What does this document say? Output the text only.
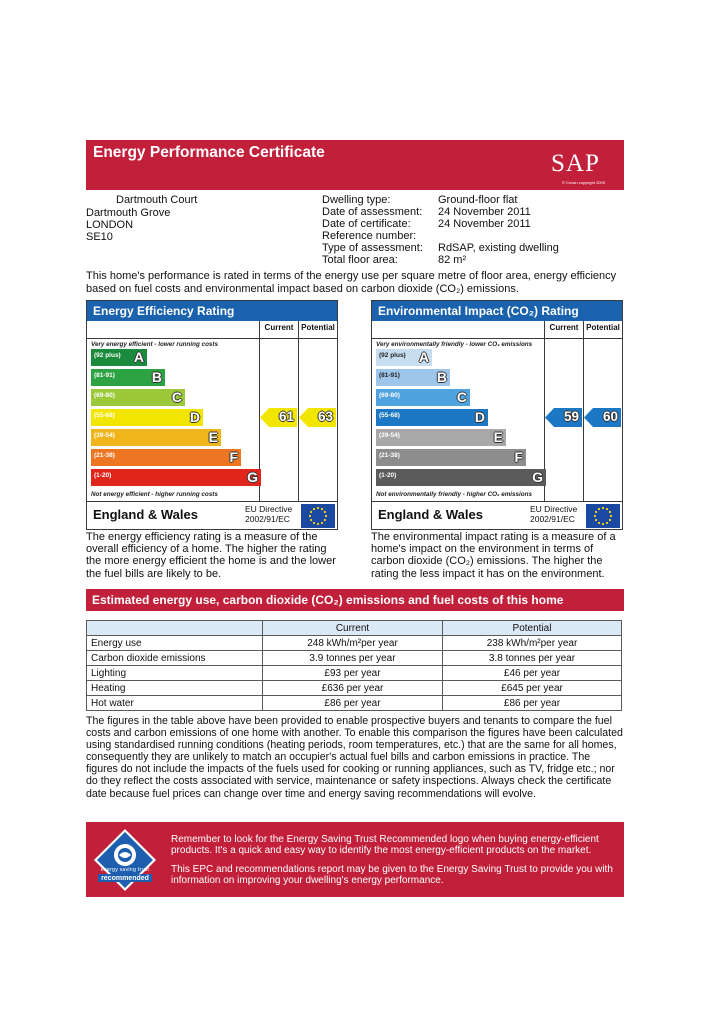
Energy Performance Certificate	SAP
© Crown copyright 2009
Dartmouth Court
Dartmouth Grove
LONDON
SE10
Dwelling type:	Ground-floor flat
Date of assessment: 24 November 2011
Date of certificate: 24 November 2011
Reference number:
Type of assessment: RdSAP, existing dwelling
Total floor area:	82 m²
This home's performance is rated in terms of the energy use per square metre of floor area, energy efficiency based on fuel costs and environmental impact based on carbon dioxide (CO₂) emissions.
Energy Efficiency Rating
Current Potential
Very energy efficient - lower running costs
(92 plus) A
(81-91)	B
(69-80)	C
(55-68)	D
(39-54)	E
(21-38)	F
(1-20)	G
Not energy efficient - higher running costs
61 63
England & Wales	EU Directive
2002/91/EC
Environmental Impact (CO₂) Rating
Current Potential
Very environmentally friendly - lower CO₂ emissions
(92 plus) A
(81-91)	B
(69-80)	C
(55-68)	D
(39-54)	E
(21-38)	F
(1-20)	G
Not environmentally friendly - higher CO₂ emissions
59 60
England & Wales	EU Directive
2002/91/EC
The energy efficiency rating is a measure of the overall efficiency of a home. The higher the rating the more energy efficient the home is and the lower the fuel bills are likely to be.
The environmental impact rating is a measure of a home's impact on the environment in terms of carbon dioxide (CO₂) emissions. The higher the rating the less impact it has on the environment.
Estimated energy use, carbon dioxide (CO₂) emissions and fuel costs of this home
	Current	Potential
Energy use	248 kWh/m²per year	238 kWh/m²per year
Carbon dioxide emissions	3.9 tonnes per year	3.8 tonnes per year
Lighting	£93 per year	£46 per year
Heating	£636 per year	£645 per year
Hot water	£86 per year	£86 per year
The figures in the table above have been provided to enable prospective buyers and tenants to compare the fuel costs and carbon emissions of one home with another. To enable this comparison the figures have been calculated using standardised running conditions (heating periods, room temperatures, etc.) that are the same for all homes, consequently they are unlikely to match an occupier's actual fuel bills and carbon emissions in practice. The figures do not include the impacts of the fuels used for cooking or running appliances, such as TV, fridge etc.; nor do they reflect the costs associated with service, maintenance or safety inspections. Always check the certificate date because fuel prices can change over time and energy saving recommendations will evolve.
energy saving trust
recommended
Remember to look for the Energy Saving Trust Recommended logo when buying energy-efficient products. It's a quick and easy way to identify the most energy-efficient products on the market.
This EPC and recommendations report may be given to the Energy Saving Trust to provide you with information on improving your dwelling's energy performance.
